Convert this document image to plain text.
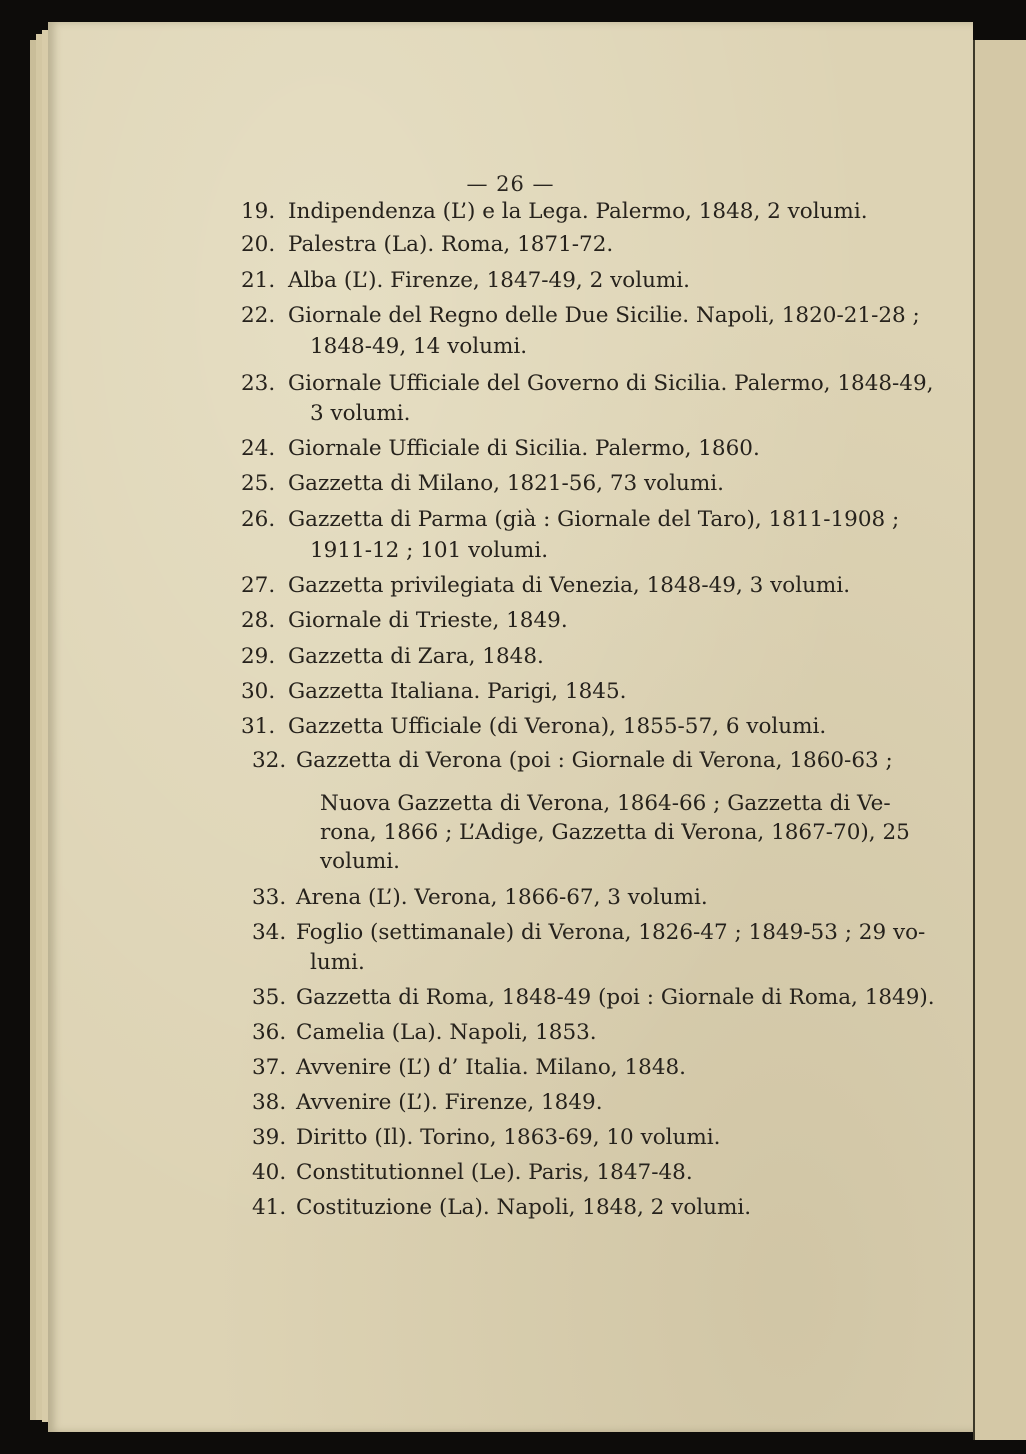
— 26 —
19. Indipendenza (L’) e la Lega. Palermo, 1848, 2 volumi.
20. Palestra (La). Roma, 1871-72.
21. Alba (L’). Firenze, 1847-49, 2 volumi.
22. Giornale del Regno delle Due Sicilie. Napoli, 1820-21-28 ;
1848-49, 14 volumi.
23. Giornale Ufficiale del Governo di Sicilia. Palermo, 1848-49,
3 volumi.
24. Giornale Ufficiale di Sicilia. Palermo, 1860.
25. Gazzetta di Milano, 1821-56, 73 volumi.
26. Gazzetta di Parma (già : Giornale del Taro), 1811-1908 ;
1911-12 ; 101 volumi.
27. Gazzetta privilegiata di Venezia, 1848-49, 3 volumi.
28. Giornale di Trieste, 1849.
29. Gazzetta di Zara, 1848.
30. Gazzetta Italiana. Parigi, 1845.
31. Gazzetta Ufficiale (di Verona), 1855-57, 6 volumi.
32. Gazzetta di Verona (poi : Giornale di Verona, 1860-63 ;
Nuova Gazzetta di Verona, 1864-66 ; Gazzetta di Ve-
rona, 1866 ; L’Adige, Gazzetta di Verona, 1867-70), 25
volumi.
33. Arena (L’). Verona, 1866-67, 3 volumi.
34. Foglio (settimanale) di Verona, 1826-47 ; 1849-53 ; 29 vo-
lumi.
35. Gazzetta di Roma, 1848-49 (poi : Giornale di Roma, 1849).
36. Camelia (La). Napoli, 1853.
37. Avvenire (L’) d’ Italia. Milano, 1848.
38. Avvenire (L’). Firenze, 1849.
39. Diritto (Il). Torino, 1863-69, 10 volumi.
40. Constitutionnel (Le). Paris, 1847-48.
41. Costituzione (La). Napoli, 1848, 2 volumi.
